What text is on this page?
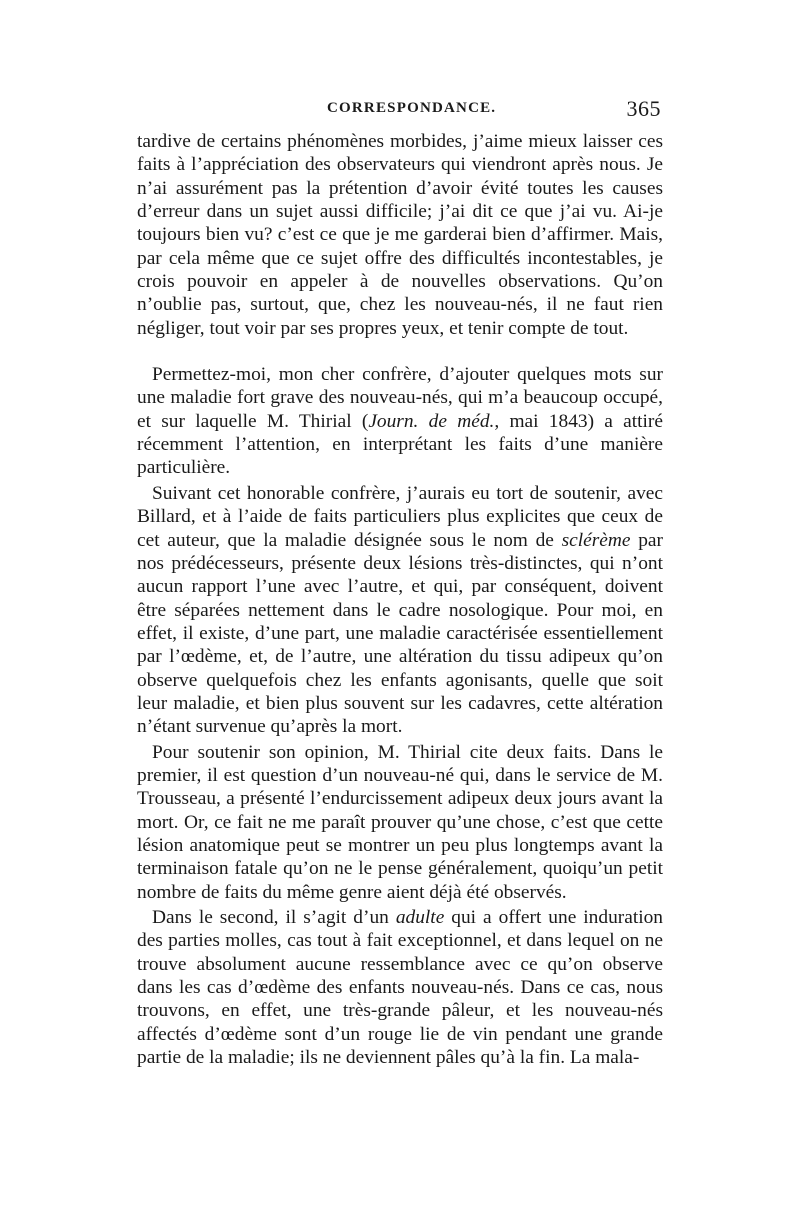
CORRESPONDANCE.	365

tardive de certains phénomènes morbides, j’aime mieux laisser ces faits à l’appréciation des observateurs qui viendront après nous. Je n’ai assurément pas la prétention d’avoir évité toutes les causes d’erreur dans un sujet aussi difficile; j’ai dit ce que j’ai vu. Ai-je toujours bien vu? c’est ce que je me garderai bien d’affirmer. Mais, par cela même que ce sujet offre des difficultés incontestables, je crois pouvoir en appeler à de nouvelles observations. Qu’on n’oublie pas, surtout, que, chez les nouveau-nés, il ne faut rien négliger, tout voir par ses propres yeux, et tenir compte de tout.

Permettez-moi, mon cher confrère, d’ajouter quelques mots sur une maladie fort grave des nouveau-nés, qui m’a beaucoup occupé, et sur laquelle M. Thirial (Journ. de méd., mai 1843) a attiré récemment l’attention, en interprétant les faits d’une manière particulière.

Suivant cet honorable confrère, j’aurais eu tort de soutenir, avec Billard, et à l’aide de faits particuliers plus explicites que ceux de cet auteur, que la maladie désignée sous le nom de sclérème par nos prédécesseurs, présente deux lésions très-distinctes, qui n’ont aucun rapport l’une avec l’autre, et qui, par conséquent, doivent être séparées nettement dans le cadre nosologique. Pour moi, en effet, il existe, d’une part, une maladie caractérisée essentiellement par l’œdème, et, de l’autre, une altération du tissu adipeux qu’on observe quelquefois chez les enfants agonisants, quelle que soit leur maladie, et bien plus souvent sur les cadavres, cette altération n’étant survenue qu’après la mort.

Pour soutenir son opinion, M. Thirial cite deux faits. Dans le premier, il est question d’un nouveau-né qui, dans le service de M. Trousseau, a présenté l’endurcissement adipeux deux jours avant la mort. Or, ce fait ne me paraît prouver qu’une chose, c’est que cette lésion anatomique peut se montrer un peu plus longtemps avant la terminaison fatale qu’on ne le pense généralement, quoiqu’un petit nombre de faits du même genre aient déjà été observés.

Dans le second, il s’agit d’un adulte qui a offert une induration des parties molles, cas tout à fait exceptionnel, et dans lequel on ne trouve absolument aucune ressemblance avec ce qu’on observe dans les cas d’œdème des enfants nouveau-nés. Dans ce cas, nous trouvons, en effet, une très-grande pâleur, et les nouveau-nés affectés d’œdème sont d’un rouge lie de vin pendant une grande partie de la maladie; ils ne deviennent pâles qu’à la fin. La mala-
